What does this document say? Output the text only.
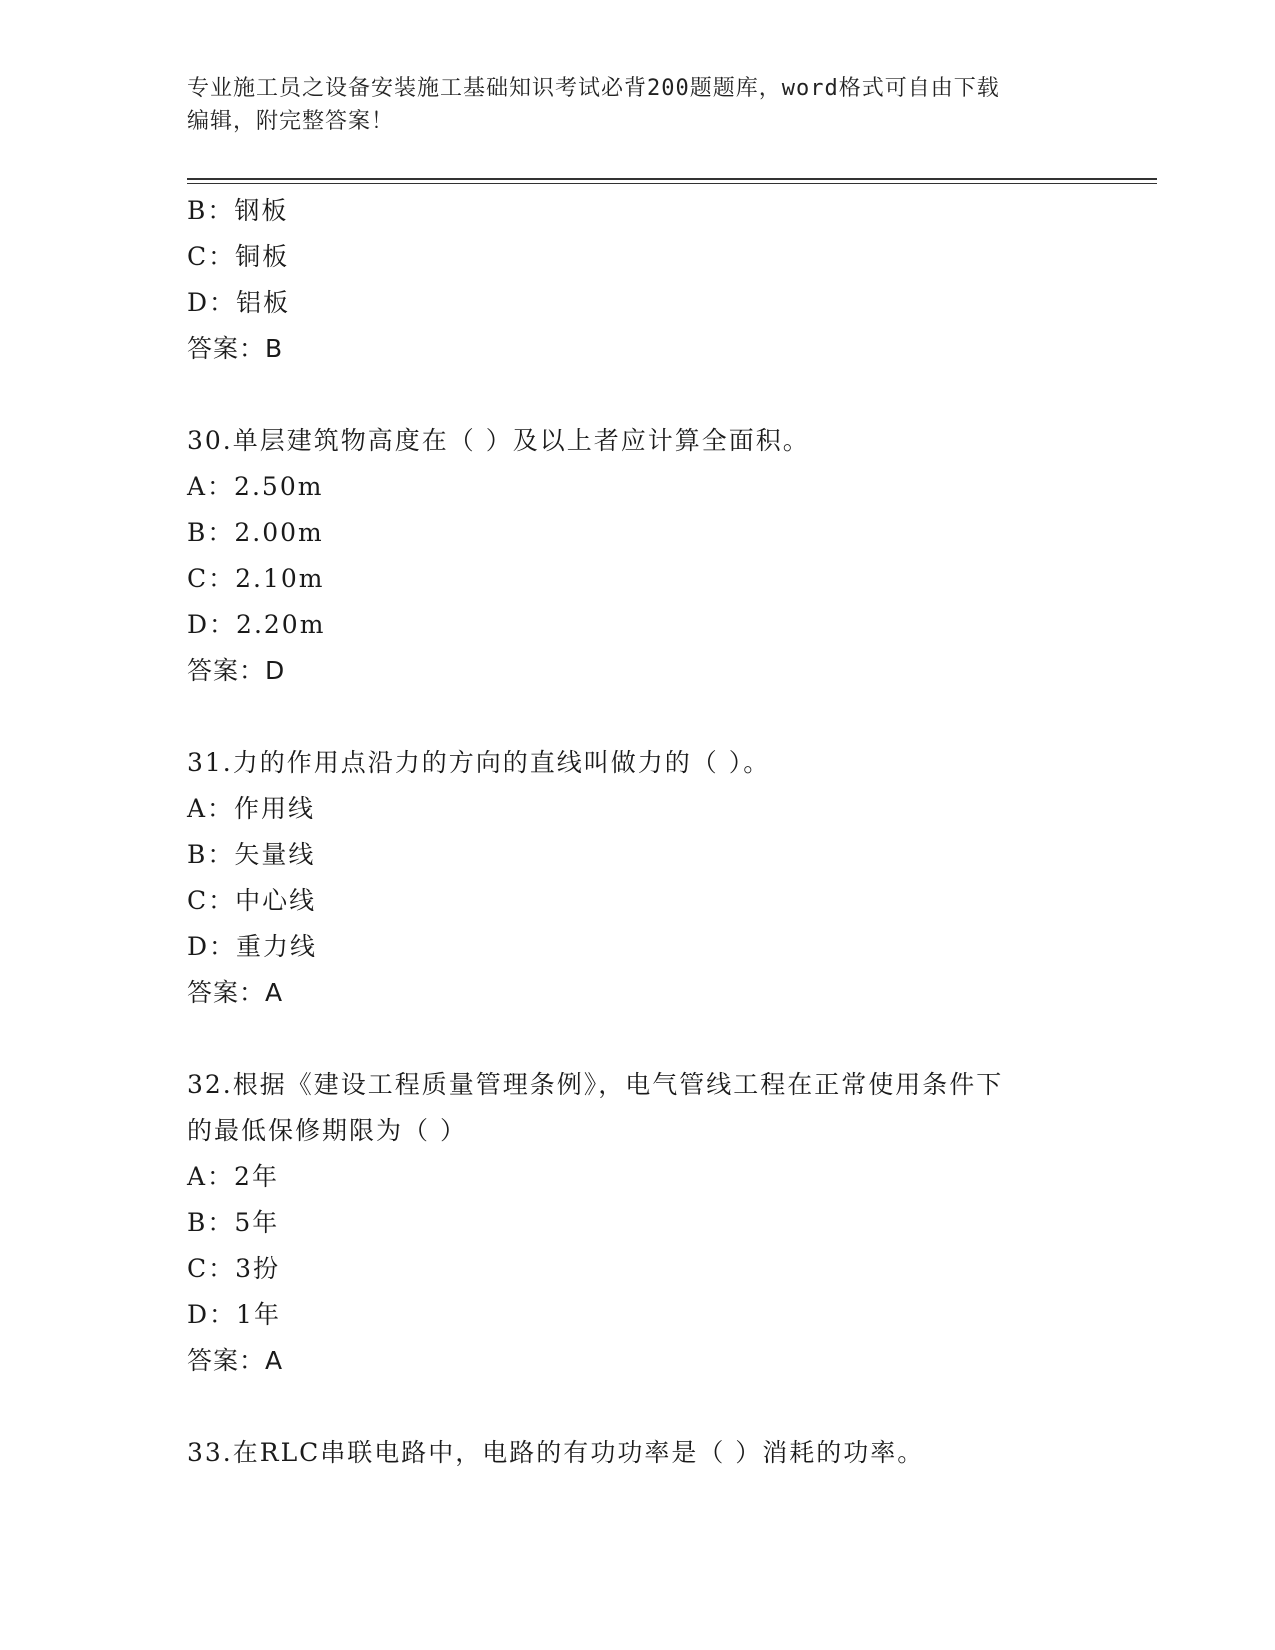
专业施工员之设备安装施工基础知识考试必背200题题库，word格式可自由下载
编辑，附完整答案！
B：钢板
C：铜板
D：铝板
答案：B
30.单层建筑物高度在（ ）及以上者应计算全面积。
A：2.50m
B：2.00m
C：2.10m
D：2.20m
答案：D
31.力的作用点沿力的方向的直线叫做力的（ ）。
A：作用线
B：矢量线
C：中心线
D：重力线
答案：A
32.根据《建设工程质量管理条例》，电气管线工程在正常使用条件下
的最低保修期限为（ ）
A：2年
B：5年
C：3扮
D：1年
答案：A
33.在RLC串联电路中，电路的有功功率是（ ）消耗的功率。
